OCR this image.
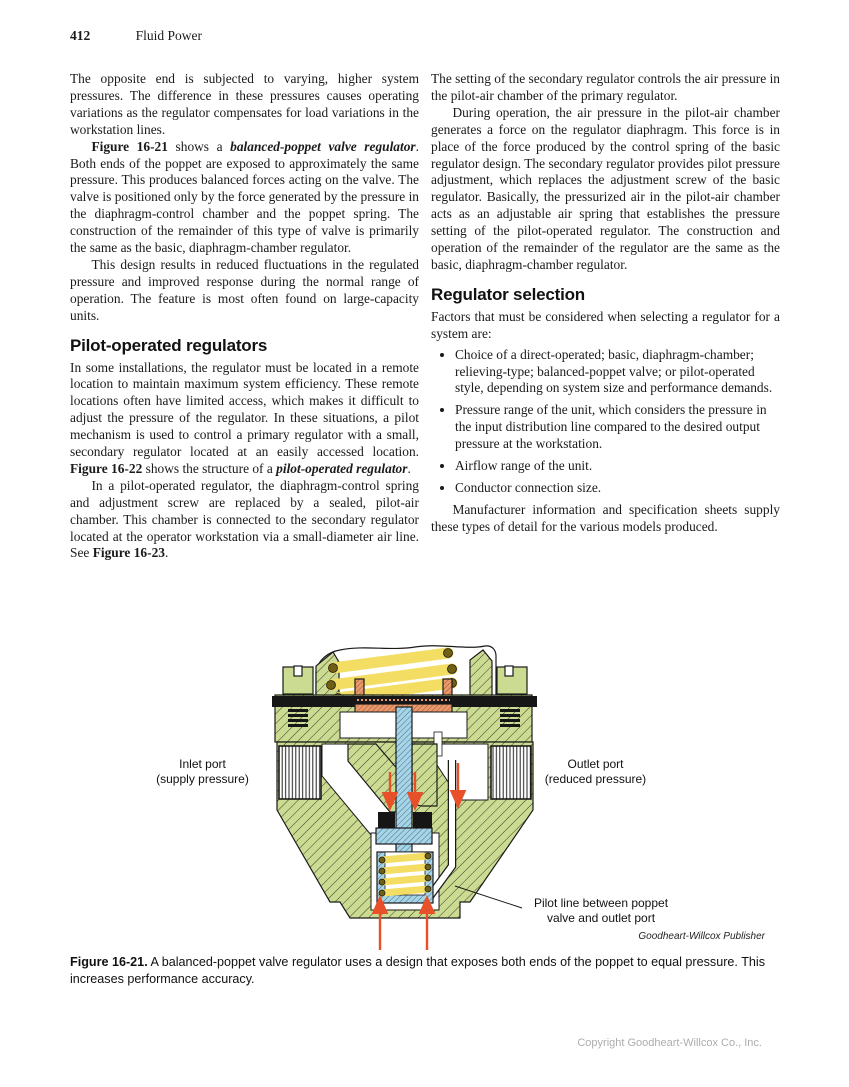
412	Fluid Power

The opposite end is subjected to varying, higher system pressures. The difference in these pressures causes operating variations as the regulator compensates for load variations in the workstation lines.

Figure 16-21 shows a balanced-poppet valve regulator. Both ends of the poppet are exposed to approximately the same pressure. This produces balanced forces acting on the valve. The valve is positioned only by the force generated by the pressure in the diaphragm-control chamber and the poppet spring. The construction of the remainder of this type of valve is primarily the same as the basic, diaphragm-chamber regulator.

This design results in reduced fluctuations in the regulated pressure and improved response during the normal range of operation. The feature is most often found on large-capacity units.

Pilot-operated regulators

In some installations, the regulator must be located in a remote location to maintain maximum system efficiency. These remote locations often have limited access, which makes it difficult to adjust the pressure of the regulator. In these situations, a pilot mechanism is used to control a primary regulator with a small, secondary regulator located at an easily accessed location. Figure 16-22 shows the structure of a pilot-operated regulator.

In a pilot-operated regulator, the diaphragm-control spring and adjustment screw are replaced by a sealed, pilot-air chamber. This chamber is connected to the secondary regulator located at the operator workstation via a small-diameter air line. See Figure 16-23.

The setting of the secondary regulator controls the air pressure in the pilot-air chamber of the primary regulator.

During operation, the air pressure in the pilot-air chamber generates a force on the regulator diaphragm. This force is in place of the force produced by the control spring of the basic regulator design. The secondary regulator provides pilot pressure adjustment, which replaces the adjustment screw of the basic regulator. Basically, the pressurized air in the pilot-air chamber acts as an adjustable air spring that establishes the pressure setting of the pilot-operated regulator. The construction and operation of the remainder of the regulator are the same as the basic, diaphragm-chamber regulator.

Regulator selection

Factors that must be considered when selecting a regulator for a system are:

• Choice of a direct-operated; basic, diaphragm-chamber; relieving-type; balanced-poppet valve; or pilot-operated style, depending on system size and performance demands.
• Pressure range of the unit, which considers the pressure in the input distribution line compared to the desired output pressure at the workstation.
• Airflow range of the unit.
• Conductor connection size.

Manufacturer information and specification sheets supply these types of detail for the various models produced.

Inlet port
(supply pressure)
Outlet port
(reduced pressure)
Pilot line between poppet
valve and outlet port
Goodheart-Willcox Publisher
Figure 16-21. A balanced-poppet valve regulator uses a design that exposes both ends of the poppet to equal pressure. This increases performance accuracy.
Copyright Goodheart-Willcox Co., Inc.
